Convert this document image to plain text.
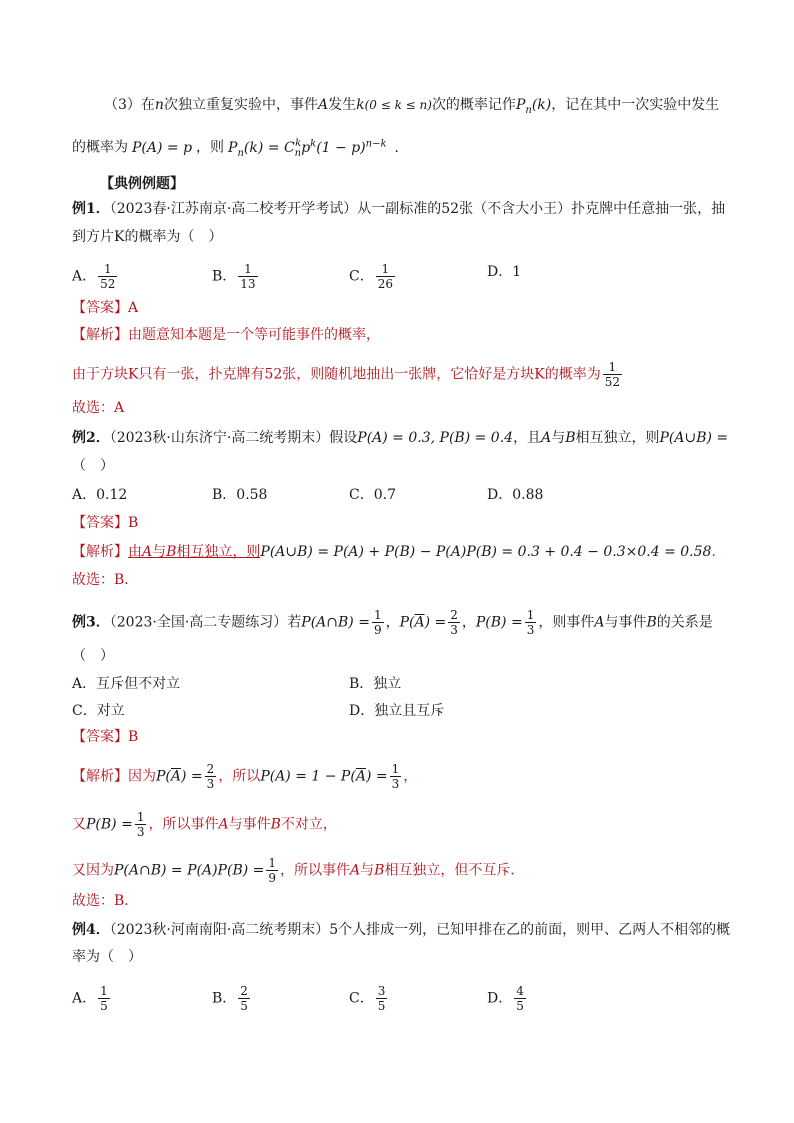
（3）在n次独立重复实验中，事件A发生k(0 ≤ k ≤ n)次的概率记作$P_n(k)$，记在其中一次实验中发生
的概率为 P(A) = p ，则 $P_n(k) = C_n^kp^k(1 - p)^{n-k}$ ．
【典例例题】
例1．（2023春·江苏南京·高二校考开学考试）从一副标准的52张（不含大小王）扑克牌中任意抽一张，抽
到方片K的概率为（　）
A． $\frac{1}{52}$	B． $\frac{1}{13}$	C． $\frac{1}{26}$	D．1
【答案】A
【解析】由题意知本题是一个等可能事件的概率，
由于方块K只有一张，扑克牌有52张，则随机地抽出一张牌，它恰好是方块K的概率为 $\frac{1}{52}$
故选：A
例2．（2023秋·山东济宁·高二统考期末）假设P(A) = 0.3, P(B) = 0.4，且A与B相互独立，则P(A∪B) =
（　）
A．0.12	B．0.58	C．0.7	D．0.88
【答案】B
【解析】由A与B相互独立，则P(A∪B) = P(A) + P(B) − P(A)P(B) = 0.3 + 0.4 − 0.3×0.4 = 0.58.
故选：B．
例3．（2023·全国·高二专题练习）若P(A∩B) = $\frac{1}{9}$ ，$P(\overline{A}) = \frac{2}{3}$ ，$P(B) = \frac{1}{3}$ ，则事件A与事件B的关系是
（　）
A．互斥但不对立	B．独立
C．对立	D．独立且互斥
【答案】B
【解析】因为$P(\overline{A}) = \frac{2}{3}$ ，所以$P(A) = 1 - P(\overline{A}) = \frac{1}{3}$ ，
又$P(B) = \frac{1}{3}$ ，所以事件A与事件B不对立，
又因为P(A∩B) = $P(A)P(B) = \frac{1}{9}$ ，所以事件A与B相互独立，但不互斥．
故选：B．
例4．（2023秋·河南南阳·高二统考期末）5个人排成一列，已知甲排在乙的前面，则甲、乙两人不相邻的概
率为（　）
A． $\frac{1}{5}$	B． $\frac{2}{5}$	C． $\frac{3}{5}$	D． $\frac{4}{5}$
